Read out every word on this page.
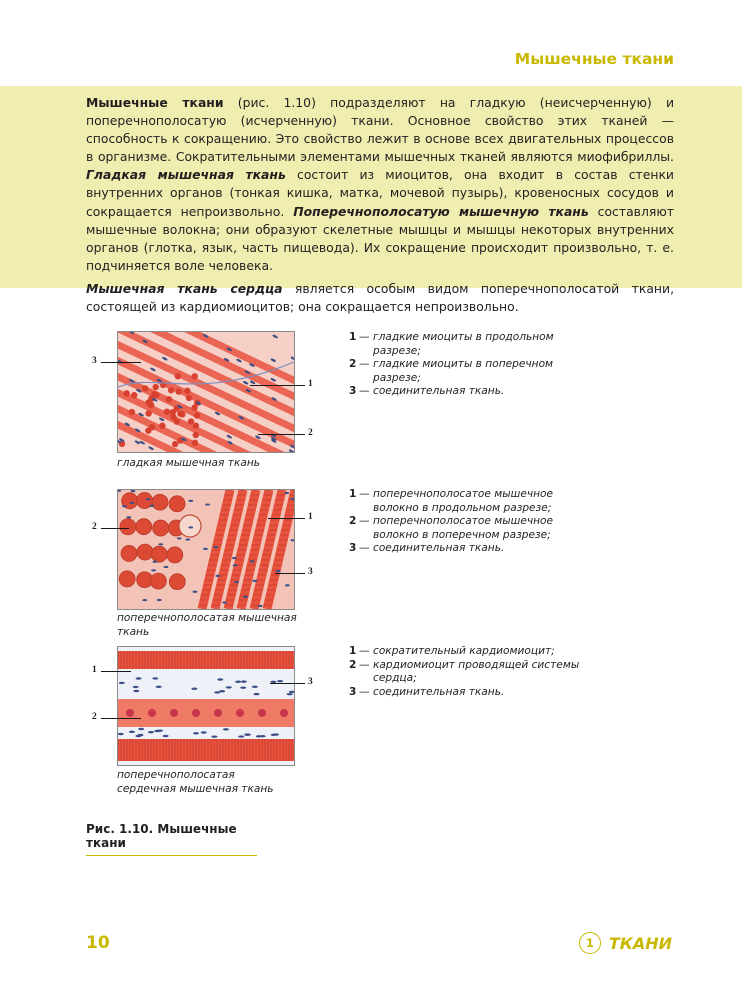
Мышечные ткани

Мышечные ткани (рис. 1.10) подразделяют на гладкую (неисчерченную) и поперечнополосатую (исчерченную) ткани. Основное свойство этих тканей — способность к сокращению. Это свойство лежит в основе всех двигательных процессов в организме. Сократительными элементами мышечных тканей являются миофибриллы. Гладкая мышечная ткань состоит из миоцитов, она входит в состав стенки внутренних органов (тонкая кишка, матка, мочевой пузырь), кровеносных сосудов и сокращается непроизвольно. Поперечнополосатую мышечную ткань составляют мышечные волокна; они образуют скелетные мышцы и мышцы некоторых внутренних органов (глотка, язык, часть пищевода). Их сокращение происходит произвольно, т. е. подчиняется воле человека.

Мышечная ткань сердца является особым видом поперечнополосатой ткани, состоящей из кардиомиоцитов; она сокращается непроизвольно.

3
1
2
гладкая мышечная ткань
1 — гладкие миоциты в продольном разрезе;
2 — гладкие миоциты в поперечном разрезе;
3 — соединительная ткань.
2
1
3
поперечнополосатая мышечная ткань
1 — поперечнополосатое мышечное волокно в продольном разрезе;
2 — поперечнополосатое мышечное волокно в поперечном разрезе;
3 — соединительная ткань.
1
3
2
поперечнополосатая сердечная мышечная ткань
1 — сократительный кардиомиоцит;
2 — кардиомиоцит проводящей системы сердца;
3 — соединительная ткань.
Рис. 1.10. Мышечные ткани
10	1 ТКАНИ
